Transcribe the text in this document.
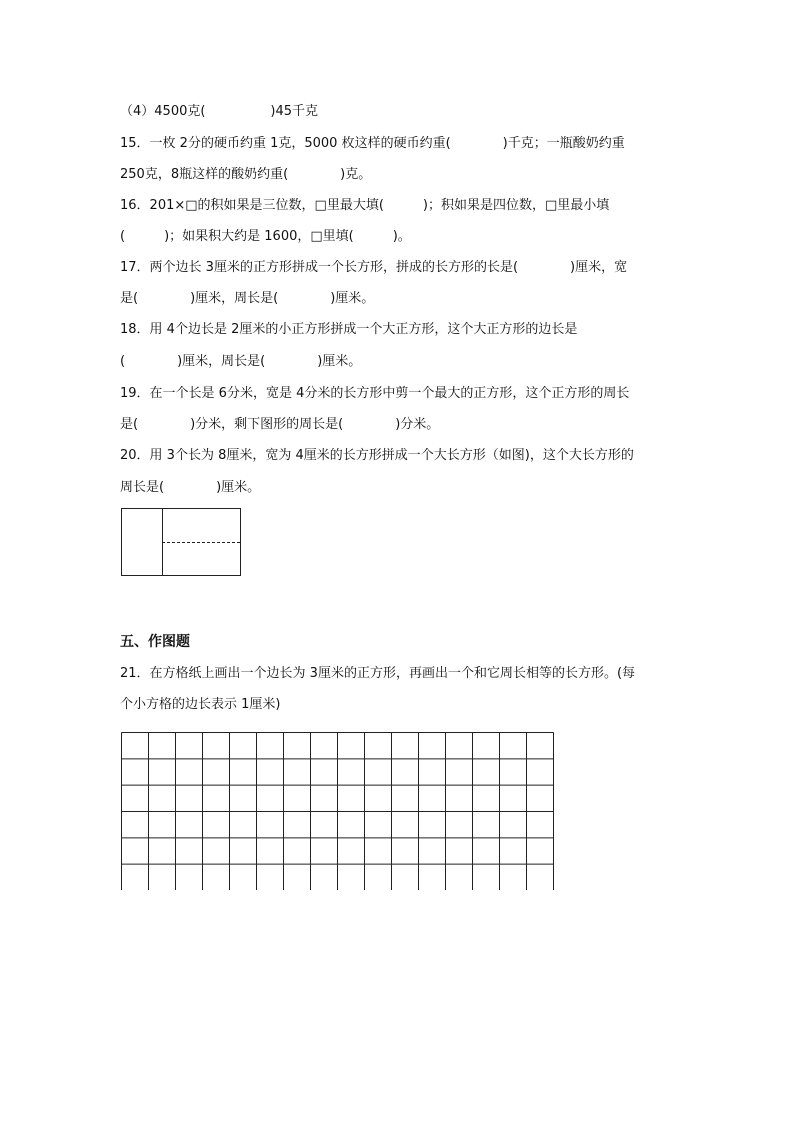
（4）4500克(　　　　　)45千克
15．一枚 2分的硬币约重 1克，5000 枚这样的硬币约重(　　　　)千克；一瓶酸奶约重
250克，8瓶这样的酸奶约重(　　　　)克。
16．201×□的积如果是三位数，□里最大填(　　　)；积如果是四位数，□里最小填
(　　　)；如果积大约是 1600，□里填(　　　)。
17．两个边长 3厘米的正方形拼成一个长方形，拼成的长方形的长是(　　　　)厘米，宽
是(　　　　)厘米，周长是(　　　　)厘米。
18．用 4个边长是 2厘米的小正方形拼成一个大正方形，这个大正方形的边长是
(　　　　)厘米，周长是(　　　　)厘米。
19．在一个长是 6分米，宽是 4分米的长方形中剪一个最大的正方形，这个正方形的周长
是(　　　　)分米，剩下图形的周长是(　　　　)分米。
20．用 3个长为 8厘米，宽为 4厘米的长方形拼成一个大长方形（如图)，这个大长方形的
周长是(　　　　)厘米。
五、作图题
21．在方格纸上画出一个边长为 3厘米的正方形，再画出一个和它周长相等的长方形。(每
个小方格的边长表示 1厘米)
